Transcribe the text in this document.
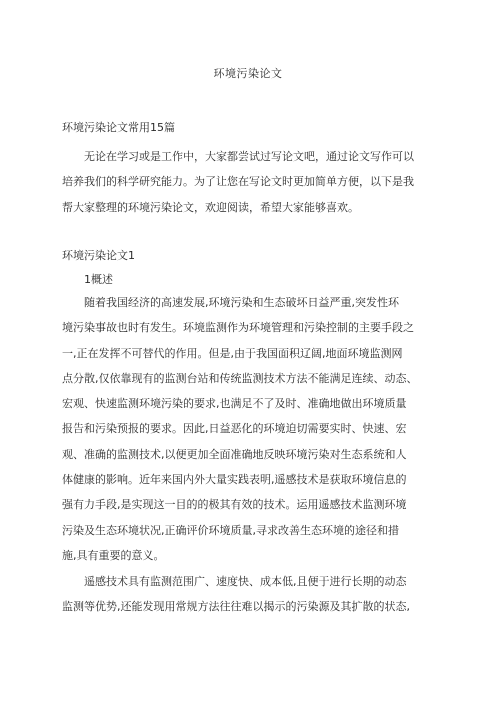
环境污染论文
环境污染论文常用15篇
无论在学习或是工作中，大家都尝试过写论文吧，通过论文写作可以
培养我们的科学研究能力。为了让您在写论文时更加简单方便，以下是我
帮大家整理的环境污染论文，欢迎阅读，希望大家能够喜欢。
环境污染论文1
1概述
随着我国经济的高速发展,环境污染和生态破坏日益严重,突发性环
境污染事故也时有发生。环境监测作为环境管理和污染控制的主要手段之
一,正在发挥不可替代的作用。但是,由于我国面积辽阔,地面环境监测网
点分散,仅依靠现有的监测台站和传统监测技术方法不能满足连续、动态、
宏观、快速监测环境污染的要求,也满足不了及时、准确地做出环境质量
报告和污染预报的要求。因此,日益恶化的环境迫切需要实时、快速、宏
观、准确的监测技术,以便更加全面准确地反映环境污染对生态系统和人
体健康的影响。近年来国内外大量实践表明,遥感技术是获取环境信息的
强有力手段,是实现这一目的的极其有效的技术。运用遥感技术监测环境
污染及生态环境状况,正确评价环境质量,寻求改善生态环境的途径和措
施,具有重要的意义。
遥感技术具有监测范围广、速度快、成本低,且便于进行长期的动态
监测等优势,还能发现用常规方法往往难以揭示的污染源及其扩散的状态,
